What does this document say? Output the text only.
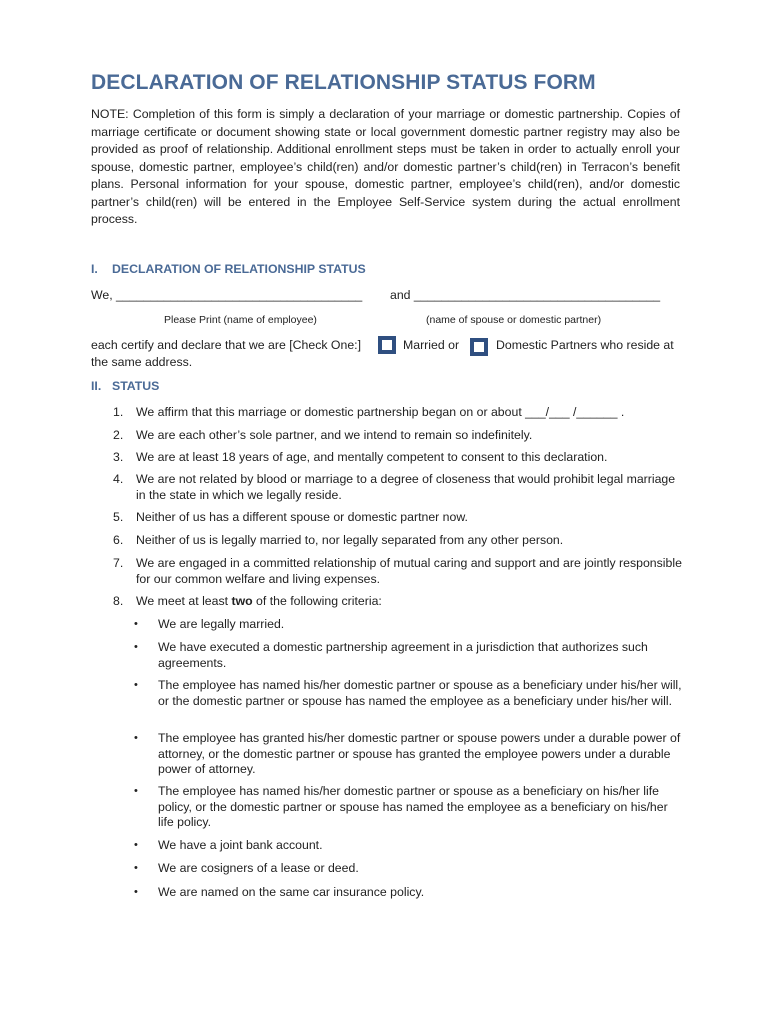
DECLARATION OF RELATIONSHIP STATUS FORM
NOTE: Completion of this form is simply a declaration of your marriage or domestic partnership. Copies of marriage certificate or document showing state or local government domestic partner registry may also be provided as proof of relationship. Additional enrollment steps must be taken in order to actually enroll your spouse, domestic partner, employee’s child(ren) and/or domestic partner’s child(ren) in Terracon’s benefit plans. Personal information for your spouse, domestic partner, employee’s child(ren), and/or domestic partner’s child(ren) will be entered in the Employee Self-Service system during the actual enrollment process.
I. DECLARATION OF RELATIONSHIP STATUS
We, ____________________________________ and ____________________________________
Please Print (name of employee)	(name of spouse or domestic partner)
each certify and declare that we are [Check One:]	Married or	Domestic Partners who reside at
the same address.
II. STATUS
1. We affirm that this marriage or domestic partnership began on or about ___/___ /______ .
2. We are each other’s sole partner, and we intend to remain so indefinitely.
3. We are at least 18 years of age, and mentally competent to consent to this declaration.
4. We are not related by blood or marriage to a degree of closeness that would prohibit legal marriage in the state in which we legally reside.
5. Neither of us has a different spouse or domestic partner now.
6. Neither of us is legally married to, nor legally separated from any other person.
7. We are engaged in a committed relationship of mutual caring and support and are jointly responsible for our common welfare and living expenses.
8. We meet at least two of the following criteria:
• We are legally married.
• We have executed a domestic partnership agreement in a jurisdiction that authorizes such agreements.
• The employee has named his/her domestic partner or spouse as a beneficiary under his/her will, or the domestic partner or spouse has named the employee as a beneficiary under his/her will.
• The employee has granted his/her domestic partner or spouse powers under a durable power of attorney, or the domestic partner or spouse has granted the employee powers under a durable power of attorney.
• The employee has named his/her domestic partner or spouse as a beneficiary on his/her life policy, or the domestic partner or spouse has named the employee as a beneficiary on his/her life policy.
• We have a joint bank account.
• We are cosigners of a lease or deed.
• We are named on the same car insurance policy.
